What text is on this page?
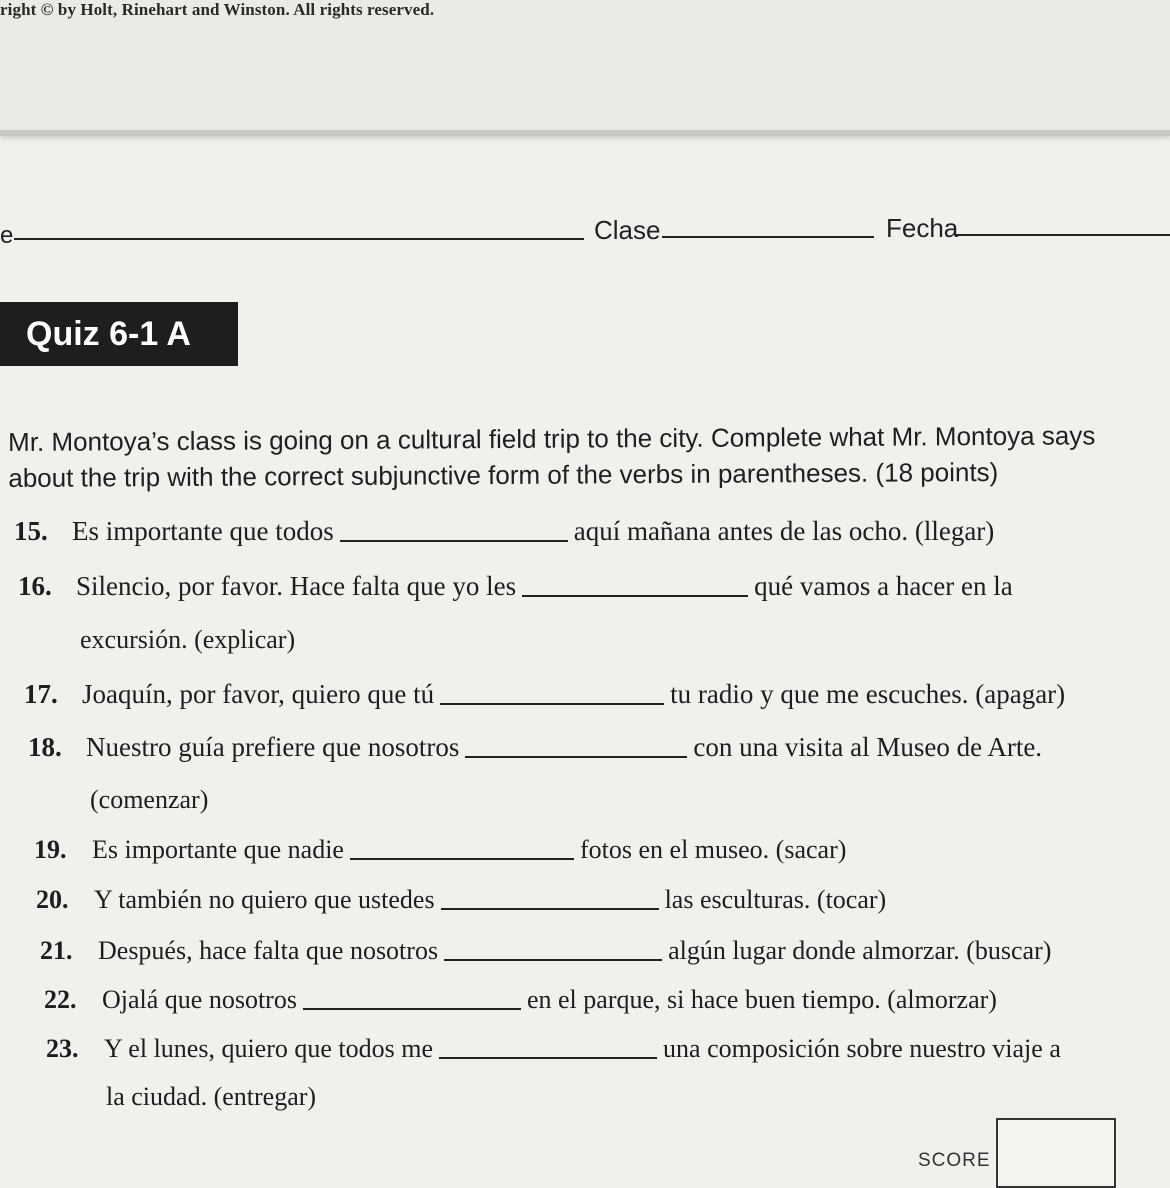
right © by Holt, Rinehart and Winston. All rights reserved.
e	Clase	Fecha
Quiz 6-1 A
Mr. Montoya’s class is going on a cultural field trip to the city. Complete what Mr. Montoya says about the trip with the correct subjunctive form of the verbs in parentheses. (18 points)
15. Es importante que todos	aquí mañana antes de las ocho. (llegar)
16. Silencio, por favor. Hace falta que yo les	qué vamos a hacer en la
excursión. (explicar)
17. Joaquín, por favor, quiero que tú	tu radio y que me escuches. (apagar)
18. Nuestro guía prefiere que nosotros	con una visita al Museo de Arte.
(comenzar)
19. Es importante que nadie	fotos en el museo. (sacar)
20. Y también no quiero que ustedes	las esculturas. (tocar)
21. Después, hace falta que nosotros	algún lugar donde almorzar. (buscar)
22. Ojalá que nosotros	en el parque, si hace buen tiempo. (almorzar)
23. Y el lunes, quiero que todos me	una composición sobre nuestro viaje a
la ciudad. (entregar)
SCORE
